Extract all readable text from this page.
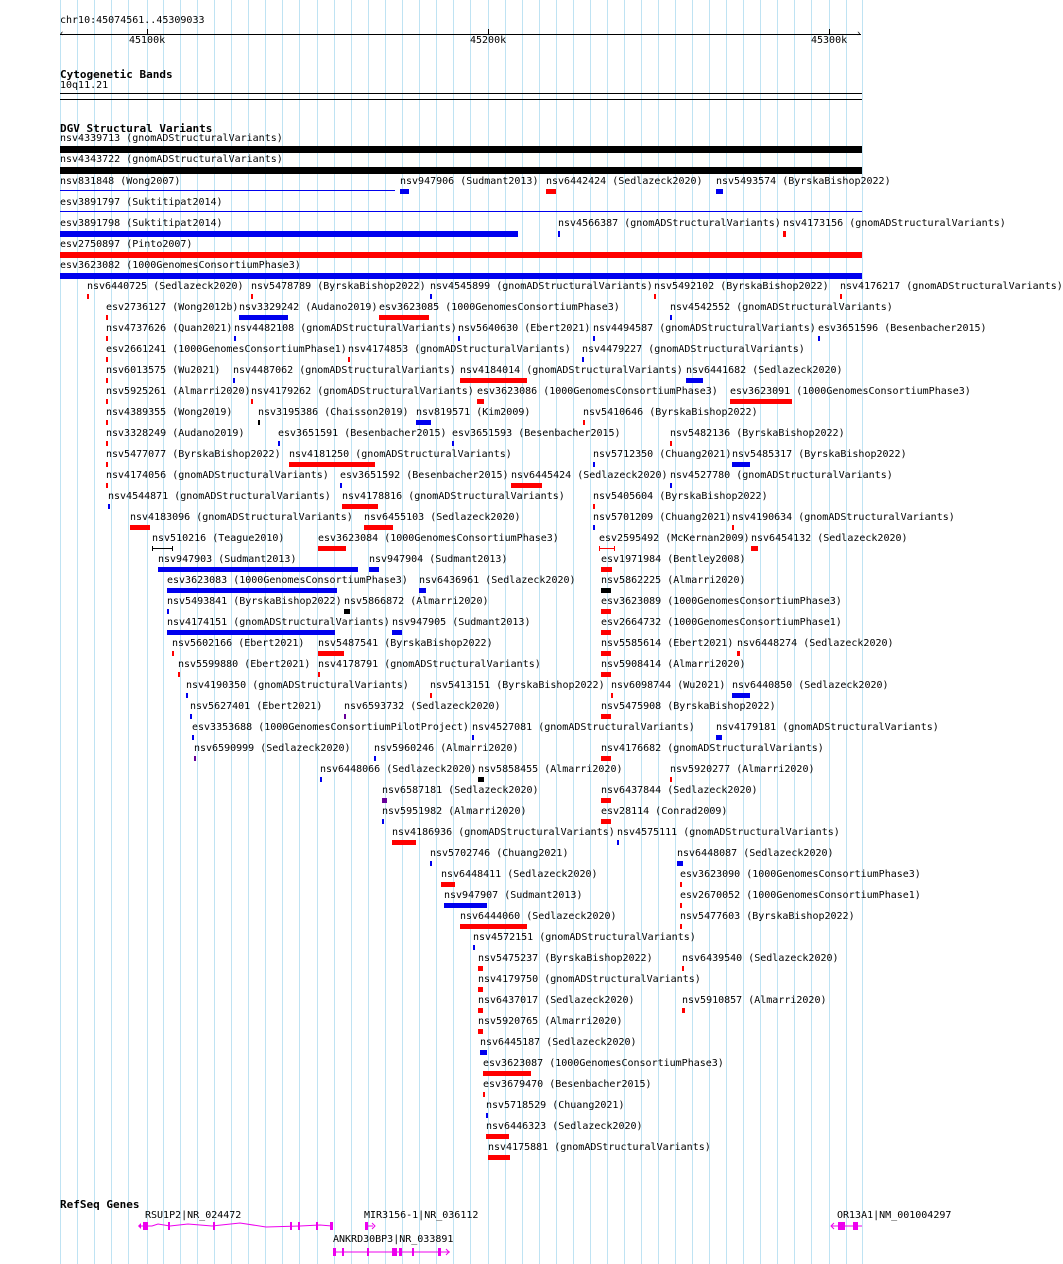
chr10:45074561..45309033
‹	›
45100k	45200k	45300k
Cytogenetic Bands
10q11.21
DGV Structural Variants
nsv4339713 (gnomADStructuralVariants)
nsv4343722 (gnomADStructuralVariants)
nsv831848 (Wong2007)	nsv947906 (Sudmant2013) nsv6442424 (Sedlazeck2020) nsv5493574 (ByrskaBishop2022)
esv3891797 (Suktitipat2014)
esv3891798 (Suktitipat2014)	nsv4566387 (gnomADStructuralVariants) nsv4173156 (gnomADStructuralVariants)
esv2750897 (Pinto2007)
esv3623082 (1000GenomesConsortiumPhase3)
nsv6440725 (Sedlazeck2020) nsv5478789 (ByrskaBishop2022) nsv4545899 (gnomADStructuralVariants) nsv5492102 (ByrskaBishop2022) nsv4176217 (gnomADStructuralVariants)
esv2736127 (Wong2012b) nsv3329242 (Audano2019) esv3623085 (1000GenomesConsortiumPhase3)	nsv4542552 (gnomADStructuralVariants)
nsv4737626 (Quan2021) nsv4482108 (gnomADStructuralVariants) nsv5640630 (Ebert2021) nsv4494587 (gnomADStructuralVariants) esv3651596 (Besenbacher2015)
esv2661241 (1000GenomesConsortiumPhase1) nsv4174853 (gnomADStructuralVariants) nsv4479227 (gnomADStructuralVariants)
nsv6013575 (Wu2021) nsv4487062 (gnomADStructuralVariants) nsv4184014 (gnomADStructuralVariants) nsv6441682 (Sedlazeck2020)
nsv5925261 (Almarri2020) nsv4179262 (gnomADStructuralVariants) esv3623086 (1000GenomesConsortiumPhase3) esv3623091 (1000GenomesConsortiumPhase3)
nsv4389355 (Wong2019)	nsv3195386 (Chaisson2019) nsv819571 (Kim2009)	nsv5410646 (ByrskaBishop2022)
nsv3328249 (Audano2019)	esv3651591 (Besenbacher2015) esv3651593 (Besenbacher2015)	nsv5482136 (ByrskaBishop2022)
nsv5477077 (ByrskaBishop2022) nsv4181250 (gnomADStructuralVariants)	nsv5712350 (Chuang2021) nsv5485317 (ByrskaBishop2022)
nsv4174056 (gnomADStructuralVariants) esv3651592 (Besenbacher2015) nsv6445424 (Sedlazeck2020) nsv4527780 (gnomADStructuralVariants)
nsv4544871 (gnomADStructuralVariants) nsv4178816 (gnomADStructuralVariants)	nsv5405604 (ByrskaBishop2022)
nsv4183096 (gnomADStructuralVariants) nsv6455103 (Sedlazeck2020)	nsv5701209 (Chuang2021) nsv4190634 (gnomADStructuralVariants)
nsv510216 (Teague2010)	esv3623084 (1000GenomesConsortiumPhase3)	esv2595492 (McKernan2009) nsv6454132 (Sedlazeck2020)
nsv947903 (Sudmant2013)	nsv947904 (Sudmant2013)	esv1971984 (Bentley2008)
esv3623083 (1000GenomesConsortiumPhase3) nsv6436961 (Sedlazeck2020)	nsv5862225 (Almarri2020)
nsv5493841 (ByrskaBishop2022) nsv5866872 (Almarri2020)	esv3623089 (1000GenomesConsortiumPhase3)
nsv4174151 (gnomADStructuralVariants) nsv947905 (Sudmant2013)	esv2664732 (1000GenomesConsortiumPhase1)
nsv5602166 (Ebert2021) nsv5487541 (ByrskaBishop2022)	nsv5585614 (Ebert2021) nsv6448274 (Sedlazeck2020)
nsv5599880 (Ebert2021) nsv4178791 (gnomADStructuralVariants)	nsv5908414 (Almarri2020)
nsv4190350 (gnomADStructuralVariants) nsv5413151 (ByrskaBishop2022) nsv6098744 (Wu2021) nsv6440850 (Sedlazeck2020)
nsv5627401 (Ebert2021) nsv6593732 (Sedlazeck2020)	nsv5475908 (ByrskaBishop2022)
esv3353688 (1000GenomesConsortiumPilotProject) nsv4527081 (gnomADStructuralVariants) nsv4179181 (gnomADStructuralVariants)
nsv6590999 (Sedlazeck2020) nsv5960246 (Almarri2020)	nsv4176682 (gnomADStructuralVariants)
nsv6448066 (Sedlazeck2020) nsv5858455 (Almarri2020)	nsv5920277 (Almarri2020)
nsv6587181 (Sedlazeck2020)	nsv6437844 (Sedlazeck2020)
nsv5951982 (Almarri2020)	esv28114 (Conrad2009)
nsv4186936 (gnomADStructuralVariants) nsv4575111 (gnomADStructuralVariants)
nsv5702746 (Chuang2021)	nsv6448087 (Sedlazeck2020)
nsv6448411 (Sedlazeck2020)	esv3623090 (1000GenomesConsortiumPhase3)
nsv947907 (Sudmant2013)	esv2670052 (1000GenomesConsortiumPhase1)
nsv6444060 (Sedlazeck2020)	nsv5477603 (ByrskaBishop2022)
nsv4572151 (gnomADStructuralVariants)
nsv5475237 (ByrskaBishop2022)	nsv6439540 (Sedlazeck2020)
nsv4179750 (gnomADStructuralVariants)
nsv6437017 (Sedlazeck2020)	nsv5910857 (Almarri2020)
nsv5920765 (Almarri2020)
nsv6445187 (Sedlazeck2020)
esv3623087 (1000GenomesConsortiumPhase3)
esv3679470 (Besenbacher2015)
nsv5718529 (Chuang2021)
nsv6446323 (Sedlazeck2020)
nsv4175881 (gnomADStructuralVariants)
RefSeq Genes
RSU1P2|NR_024472	MIR3156-1|NR_036112
ANKRD30BP3|NR_033891
OR13A1|NM_001004297
